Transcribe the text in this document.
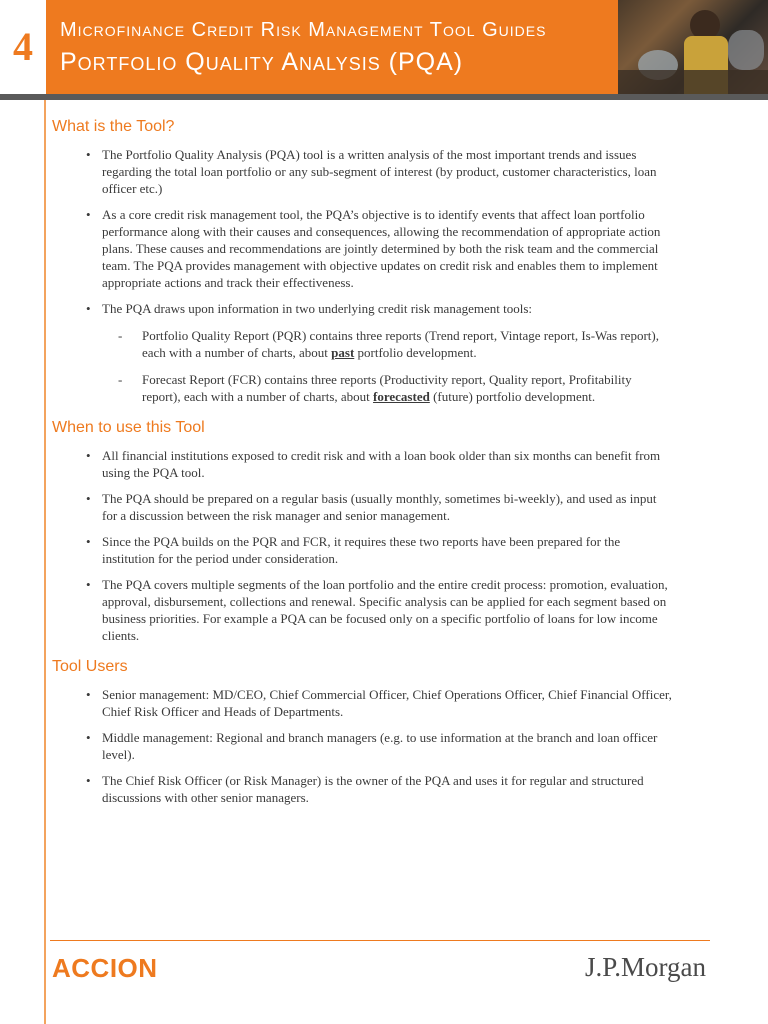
4 Microfinance Credit Risk Management Tool Guides
Portfolio Quality Analysis (PQA)
What is the Tool?
• The Portfolio Quality Analysis (PQA) tool is a written analysis of the most important trends and issues regarding the total loan portfolio or any sub-segment of interest (by product, customer characteristics, loan officer etc.)
• As a core credit risk management tool, the PQA’s objective is to identify events that affect loan portfolio performance along with their causes and consequences, allowing the recommendation of appropriate action plans. These causes and recommendations are jointly determined by both the risk team and the commercial team. The PQA provides management with objective updates on credit risk and enables them to implement appropriate actions and track their effectiveness.
• The PQA draws upon information in two underlying credit risk management tools:
- Portfolio Quality Report (PQR) contains three reports (Trend report, Vintage report, Is-Was report), each with a number of charts, about past portfolio development.
- Forecast Report (FCR) contains three reports (Productivity report, Quality report, Profitability report), each with a number of charts, about forecasted (future) portfolio development.
When to use this Tool
• All financial institutions exposed to credit risk and with a loan book older than six months can benefit from using the PQA tool.
• The PQA should be prepared on a regular basis (usually monthly, sometimes bi-weekly), and used as input for a discussion between the risk manager and senior management.
• Since the PQA builds on the PQR and FCR, it requires these two reports have been prepared for the institution for the period under consideration.
• The PQA covers multiple segments of the loan portfolio and the entire credit process: promotion, evaluation, approval, disbursement, collections and renewal. Specific analysis can be applied for each segment based on business priorities. For example a PQA can be focused only on a specific portfolio of loans for low income clients.
Tool Users
• Senior management: MD/CEO, Chief Commercial Officer, Chief Operations Officer, Chief Financial Officer, Chief Risk Officer and Heads of Departments.
• Middle management: Regional and branch managers (e.g. to use information at the branch and loan officer level).
• The Chief Risk Officer (or Risk Manager) is the owner of the PQA and uses it for regular and structured discussions with other senior managers.
ACCION	J.P.Morgan
